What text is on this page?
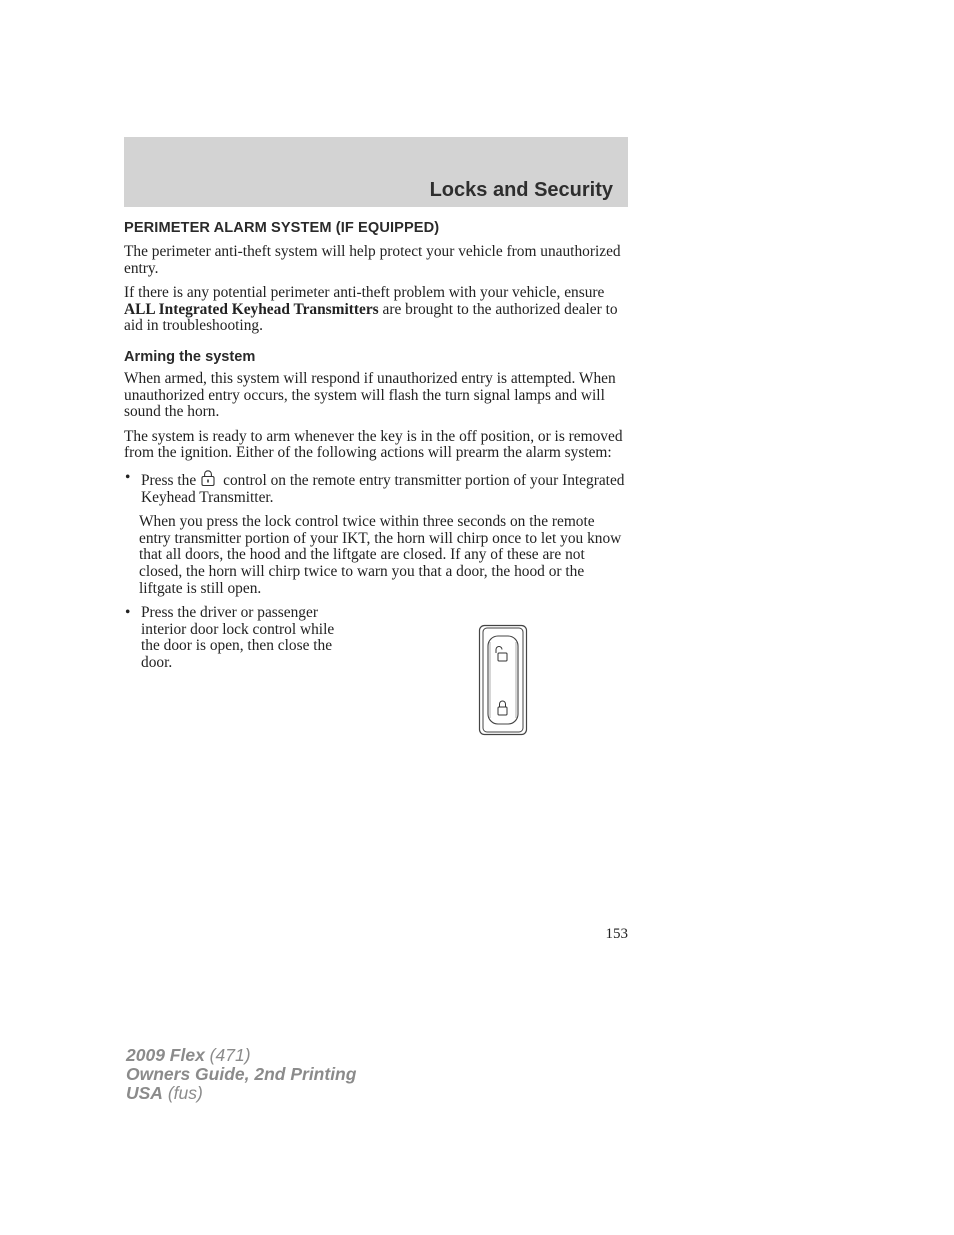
Locks and Security
PERIMETER ALARM SYSTEM (IF EQUIPPED)

The perimeter anti-theft system will help protect your vehicle from unauthorized entry.

If there is any potential perimeter anti-theft problem with your vehicle, ensure ALL Integrated Keyhead Transmitters are brought to the authorized dealer to aid in troubleshooting.

Arming the system

When armed, this system will respond if unauthorized entry is attempted. When unauthorized entry occurs, the system will flash the turn signal lamps and will sound the horn.

The system is ready to arm whenever the key is in the off position, or is removed from the ignition. Either of the following actions will prearm the alarm system:

• Press the control on the remote entry transmitter portion of your Integrated Keyhead Transmitter.

When you press the lock control twice within three seconds on the remote entry transmitter portion of your IKT, the horn will chirp once to let you know that all doors, the hood and the liftgate are closed. If any of these are not closed, the horn will chirp twice to warn you that a door, the hood or the liftgate is still open.

• Press the driver or passenger
interior door lock control while
the door is open, then close the
door.

153
2009 Flex (471)
Owners Guide, 2nd Printing
USA (fus)
